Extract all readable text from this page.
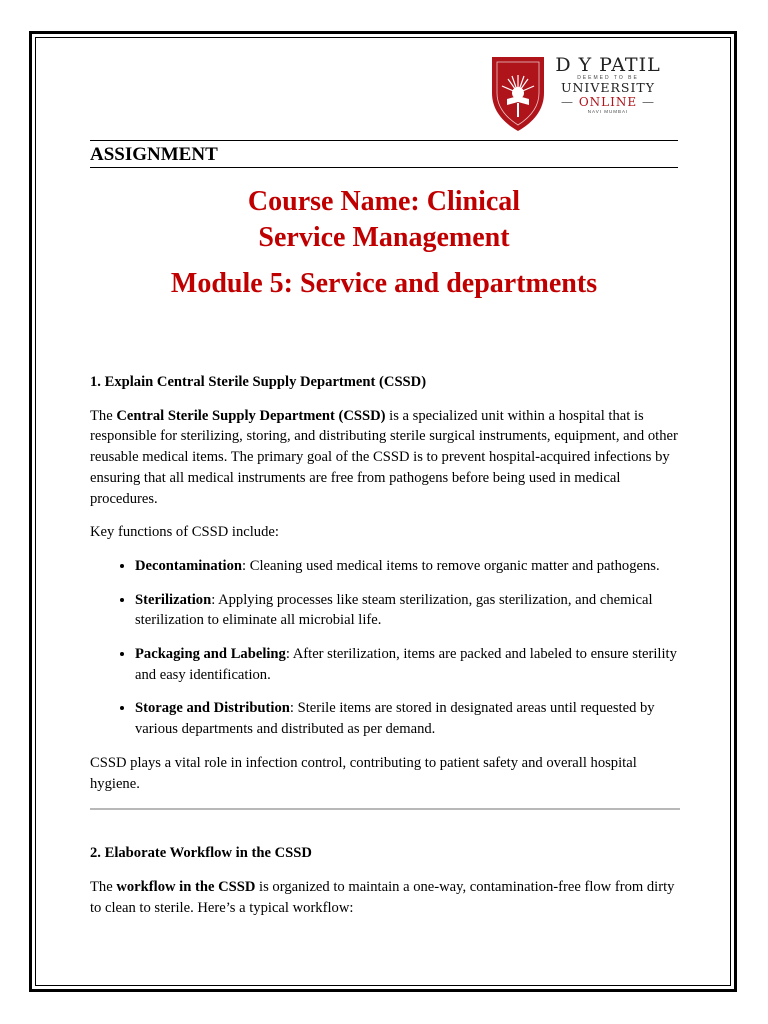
D Y PATIL
DEEMED TO BE
UNIVERSITY
— ONLINE —
NAVI MUMBAI
ASSIGNMENT
Course Name: Clinical
Service Management
Module 5: Service and departments
1. Explain Central Sterile Supply Department (CSSD)

The Central Sterile Supply Department (CSSD) is a specialized unit within a hospital that is responsible for sterilizing, storing, and distributing sterile surgical instruments, equipment, and other reusable medical items. The primary goal of the CSSD is to prevent hospital-acquired infections by ensuring that all medical instruments are free from pathogens before being used in medical procedures.

Key functions of CSSD include:

• Decontamination: Cleaning used medical items to remove organic matter and pathogens.
• Sterilization: Applying processes like steam sterilization, gas sterilization, and chemical sterilization to eliminate all microbial life.
• Packaging and Labeling: After sterilization, items are packed and labeled to ensure sterility and easy identification.
• Storage and Distribution: Sterile items are stored in designated areas until requested by various departments and distributed as per demand.

CSSD plays a vital role in infection control, contributing to patient safety and overall hospital hygiene.

2. Elaborate Workflow in the CSSD

The workflow in the CSSD is organized to maintain a one-way, contamination-free flow from dirty to clean to sterile. Here’s a typical workflow:
